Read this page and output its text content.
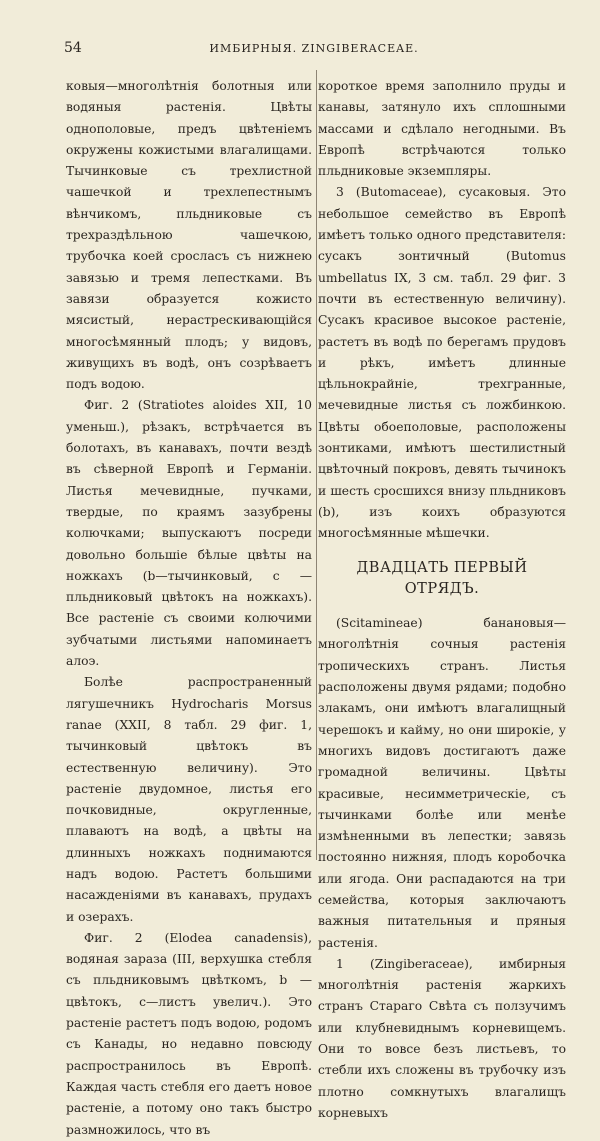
54	ИМБИРНЫЯ. ZINGIBERACEAE.

ковыя—многолѣтнія болотныя или водяныя растенія. Цвѣты однополовые, предъ цвѣтеніемъ окружены кожистыми влагалищами. Тычинковые съ трехлистной чашечкой и трехлепестнымъ вѣнчикомъ, пльдниковые съ трехраздѣльною чашечкою, трубочка коей сросласъ съ нижнею завязью и тремя лепестками. Въ завязи образуется кожисто мясистый, нерастрескивающійся многосѣмянный плодъ; у видовъ, живущихъ въ водѣ, онъ созрѣваетъ подъ водою.

Фиг. 2 (Stratiotes aloides XII, 10 уменьш.), рѣзакъ, встрѣчается въ болотахъ, въ канавахъ, почти вездѣ въ сѣверной Европѣ и Германіи. Листья мечевидные, пучками, твердые, по краямъ зазубрены колючками; выпускаютъ посреди довольно большіе бѣлые цвѣты на ножкахъ (b—тычинковый, с — пльдниковый цвѣтокъ на ножкахъ). Все растеніе съ своими колючими зубчатыми листьями напоминаетъ алоэ.

Болѣе распространенный лягушечникъ Hydrocharis Morsus ranae (XXII, 8 табл. 29 фиг. 1, тычинковый цвѣтокъ въ естественную величину). Это растеніе двудомное, листья его почковидные, округленные, плаваютъ на водѣ, а цвѣты на длинныхъ ножкахъ поднимаются надъ водою. Растетъ большими насажденіями въ канавахъ, прудахъ и озерахъ.

Фиг. 2 (Elodea canadensis), водяная зараза (III, верхушка стебля съ пльдниковымъ цвѣткомъ, b — цвѣтокъ, с—листъ увелич.). Это растеніе растетъ подъ водою, родомъ съ Канады, но недавно повсюду распространилось въ Европѣ. Каждая часть стебля его даетъ новое растеніе, а потому оно такъ быстро размножилось, что въ

короткое время заполнило пруды и канавы, затянуло ихъ сплошными массами и сдѣлало негодными. Въ Европѣ встрѣчаются только пльдниковые экземпляры.

3 (Butomaceae), сусаковыя. Это небольшое семейство въ Европѣ имѣетъ только одного представителя: сусакъ зонтичный (Butomus umbellatus IX, 3 см. табл. 29 фиг. 3 почти въ естественную величину). Сусакъ красивое высокое растеніе, растетъ въ водѣ по берегамъ прудовъ и рѣкъ, имѣетъ длинные цѣльнокрайніе, трехгранные, мечевидные листья съ ложбинкою. Цвѣты обоеполовые, расположены зонтиками, имѣютъ шестилистный цвѣточный покровъ, девять тычинокъ и шесть сросшихся внизу пльдниковъ (b), изъ коихъ образуются многосѣмянные мѣшечки.

ДВАДЦАТЬ ПЕРВЫЙ ОТРЯДЪ.

(Scitamineae) банановыя—многолѣтнія сочныя растенія тропическихъ странъ. Листья расположены двумя рядами; подобно злакамъ, они имѣютъ влагалищный черешокъ и кайму, но они широкіе, у многихъ видовъ достигаютъ даже громадной величины. Цвѣты красивые, несимметрическіе, съ тычинками болѣе или менѣе измѣненными въ лепестки; завязь постоянно нижняя, плодъ коробочка или ягода. Они распадаются на три семейства, которыя заключаютъ важныя питательныя и пряныя растенія.

1 (Zingiberaceae), имбирныя многолѣтнія растенія жаркихъ странъ Стараго Свѣта съ ползучимъ или клубневиднымъ корневищемъ. Они то вовсе безъ листьевъ, то стебли ихъ сложены въ трубочку изъ плотно сомкнутыхъ влагалищъ корневыхъ
